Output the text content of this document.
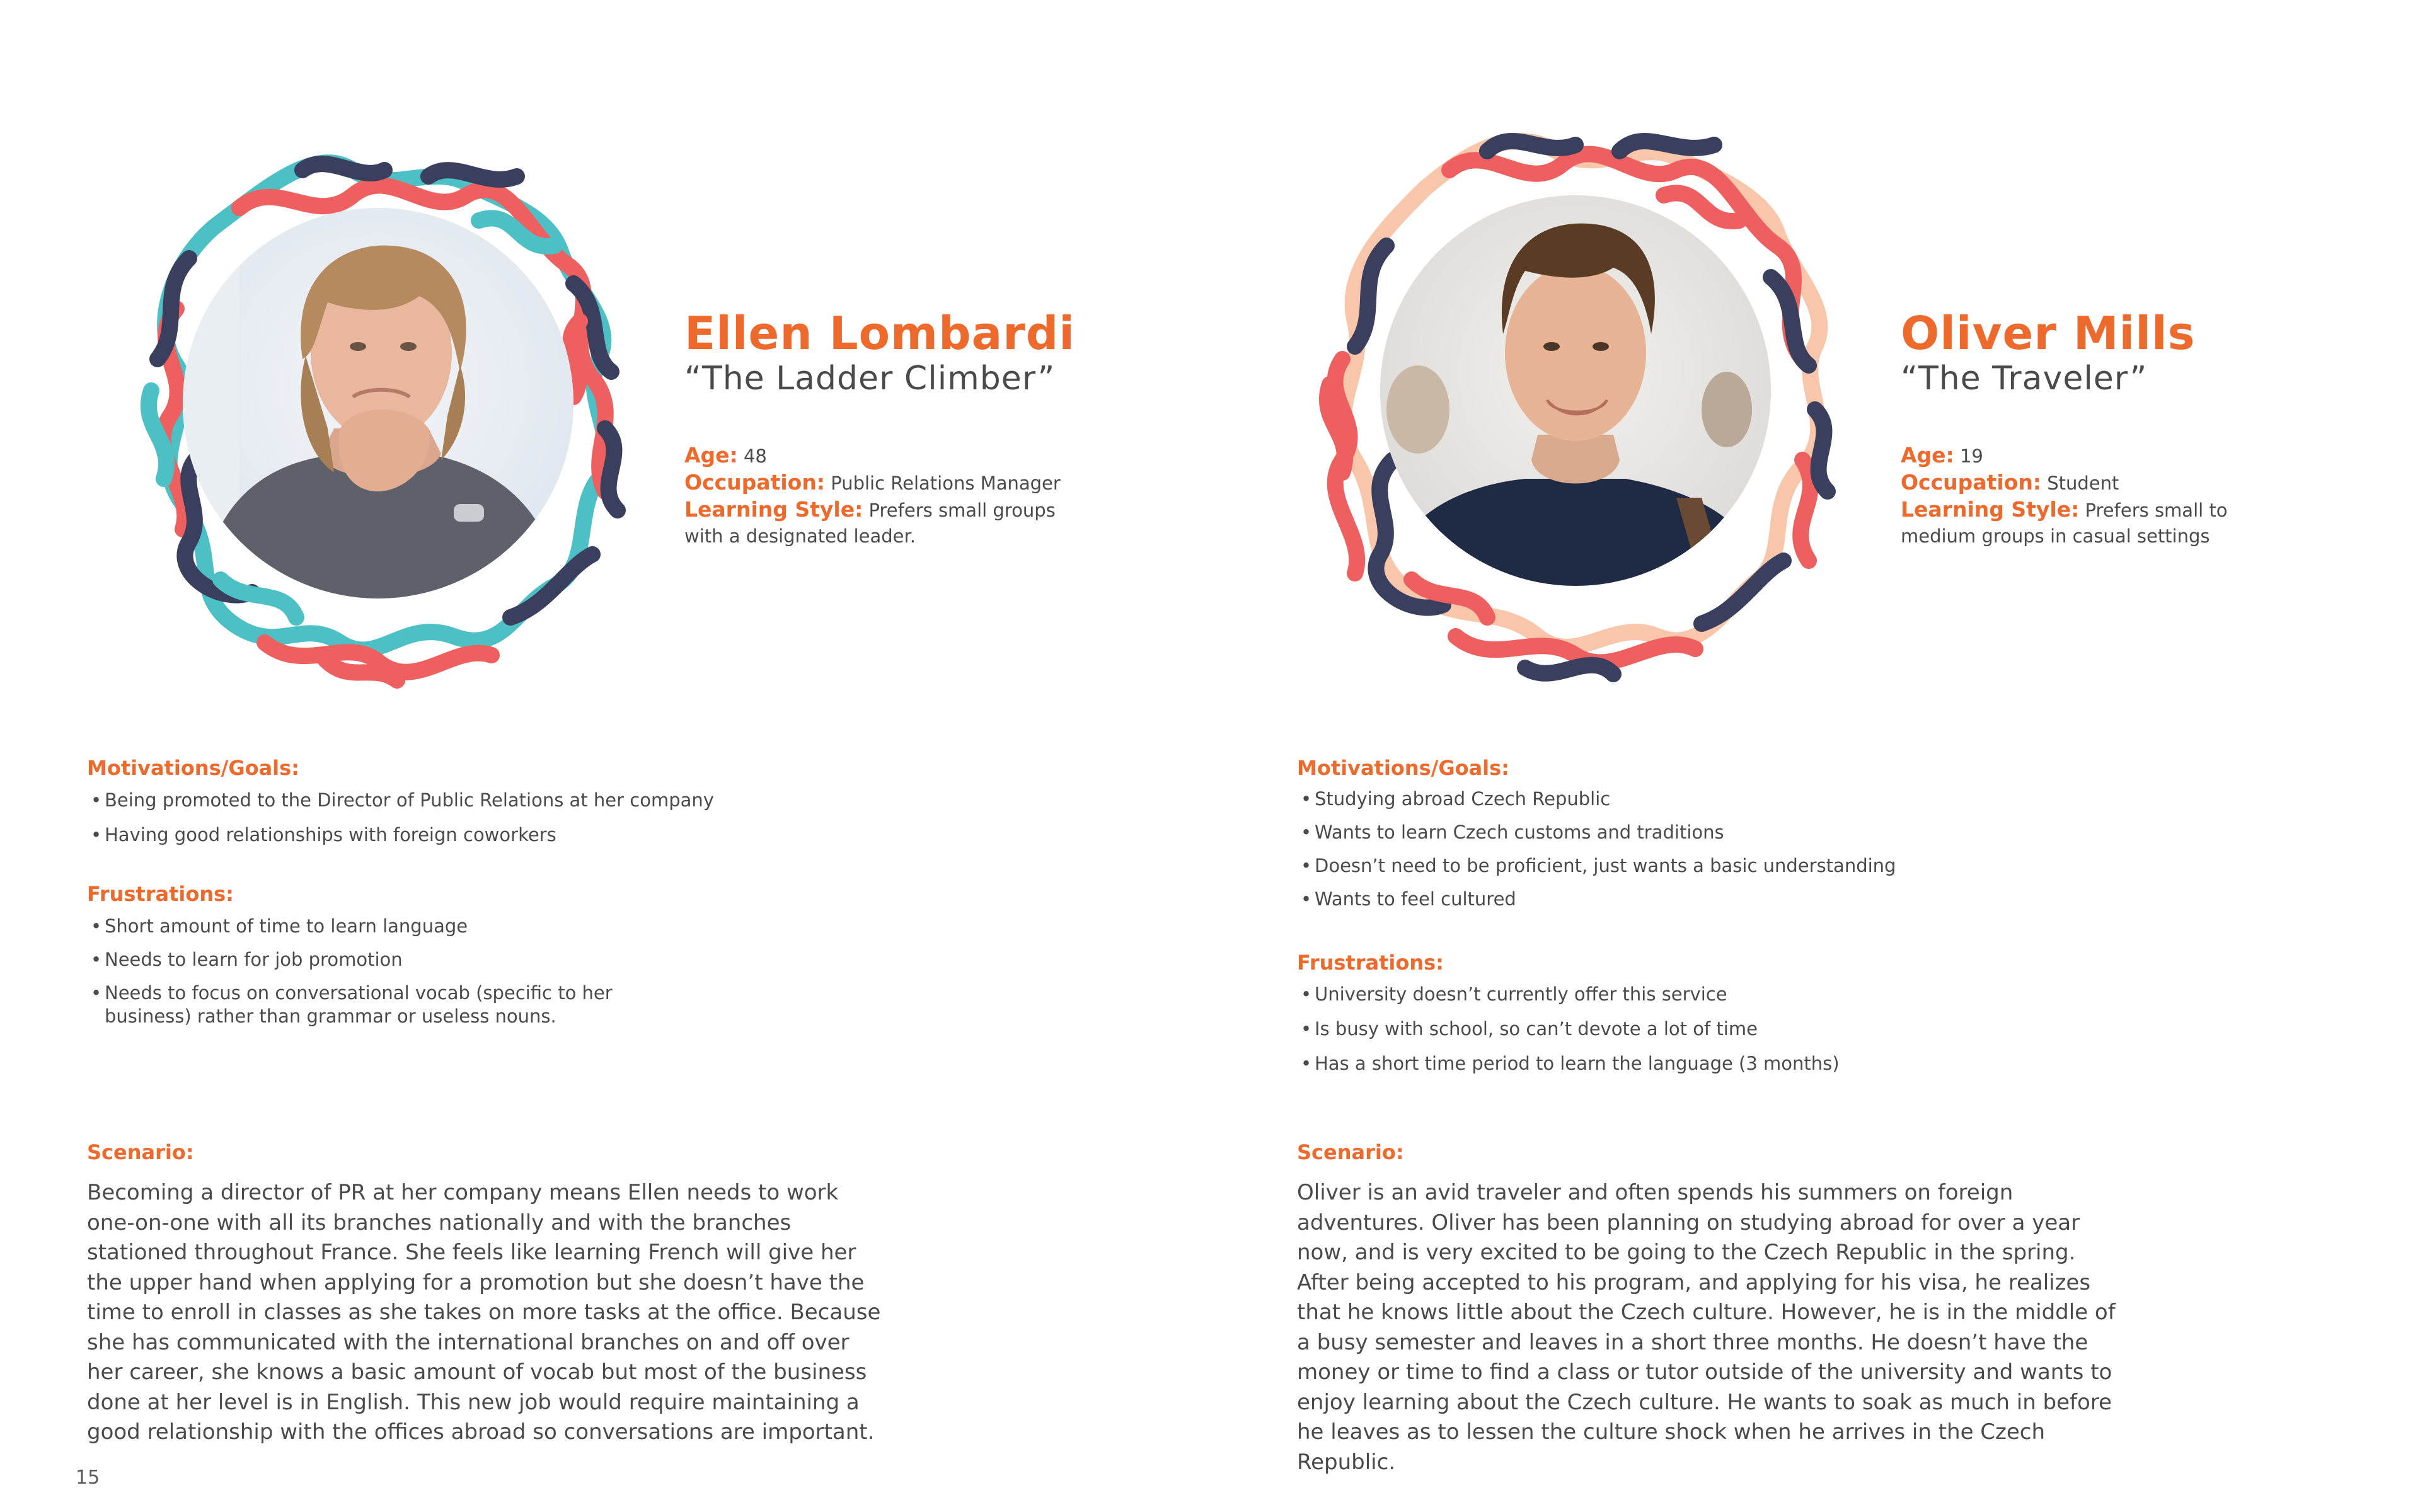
Ellen Lombardi
“The Ladder Climber”
Age: 48
Occupation: Public Relations Manager
Learning Style: Prefers small groups with a designated leader.
Motivations/Goals:
• Being promoted to the Director of Public Relations at her company
• Having good relationships with foreign coworkers
Frustrations:
• Short amount of time to learn language
• Needs to learn for job promotion
• Needs to focus on conversational vocab (specific to her business) rather than grammar or useless nouns.
Scenario:

Becoming a director of PR at her company means Ellen needs to work one-on-one with all its branches nationally and with the branches stationed throughout France. She feels like learning French will give her the upper hand when applying for a promotion but she doesn’t have the time to enroll in classes as she takes on more tasks at the office. Because she has communicated with the international branches on and off over her career, she knows a basic amount of vocab but most of the business done at her level is in English. This new job would require maintaining a good relationship with the offices abroad so conversations are important.

Oliver Mills
“The Traveler”
Age: 19
Occupation: Student
Learning Style: Prefers small to medium groups in casual settings
Motivations/Goals:
• Studying abroad Czech Republic
• Wants to learn Czech customs and traditions
• Doesn’t need to be proficient, just wants a basic understanding
• Wants to feel cultured
Frustrations:
• University doesn’t currently offer this service
• Is busy with school, so can’t devote a lot of time
• Has a short time period to learn the language (3 months)
Scenario:

Oliver is an avid traveler and often spends his summers on foreign adventures. Oliver has been planning on studying abroad for over a year now, and is very excited to be going to the Czech Republic in the spring. After being accepted to his program, and applying for his visa, he realizes that he knows little about the Czech culture. However, he is in the middle of a busy semester and leaves in a short three months. He doesn’t have the money or time to find a class or tutor outside of the university and wants to enjoy learning about the Czech culture. He wants to soak as much in before he leaves as to lessen the culture shock when he arrives in the Czech Republic.

15
